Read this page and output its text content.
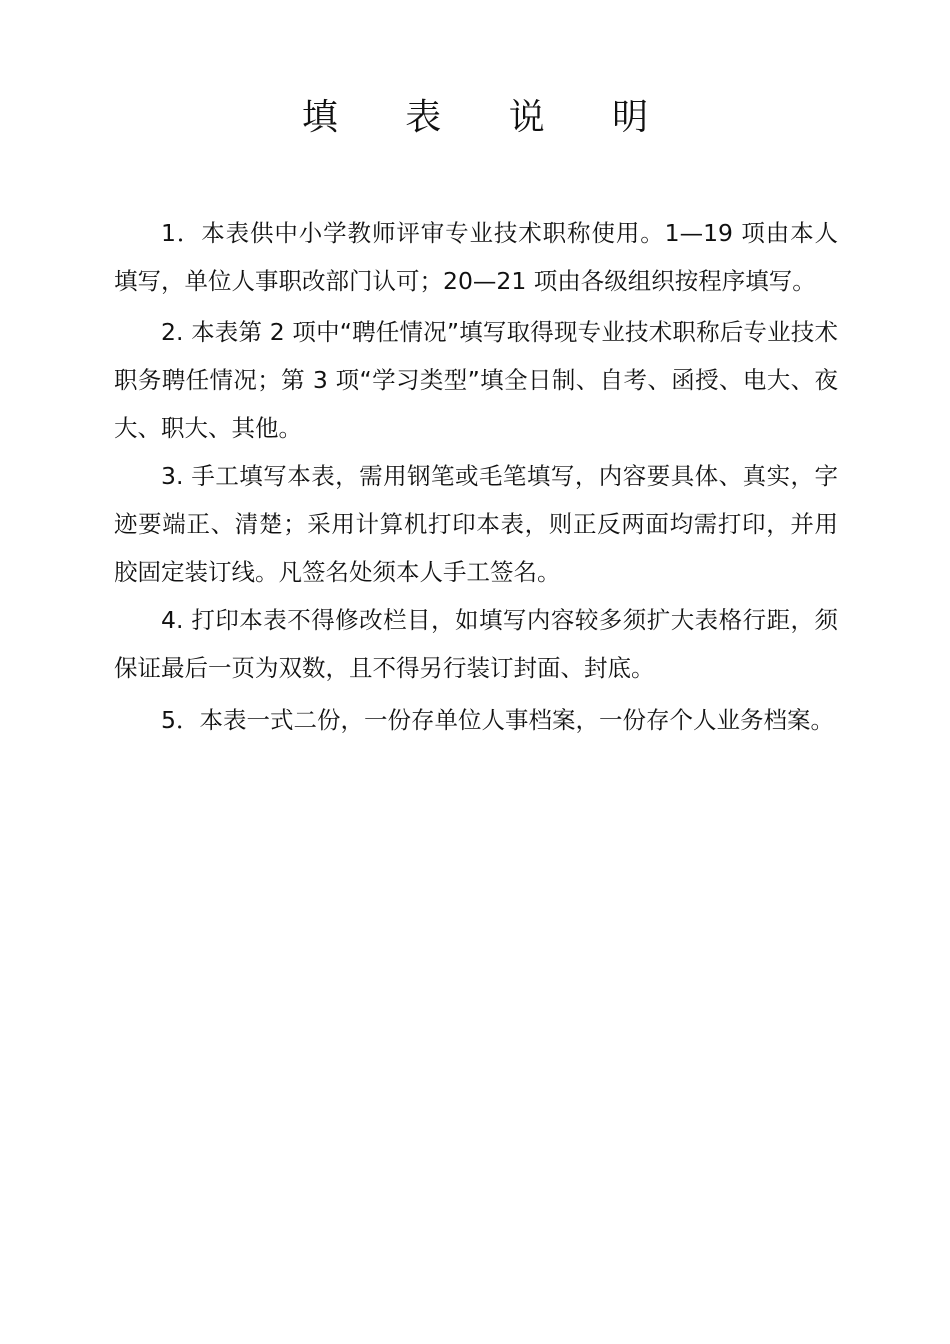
填 表 说 明

1．本表供中小学教师评审专业技术职称使用。1—19 项由本人填写，单位人事职改部门认可；20—21 项由各级组织按程序填写。

2. 本表第 2 项中“聘任情况”填写取得现专业技术职称后专业技术职务聘任情况；第 3 项“学习类型”填全日制、自考、函授、电大、夜大、职大、其他。

3. 手工填写本表，需用钢笔或毛笔填写，内容要具体、真实，字迹要端正、清楚；采用计算机打印本表，则正反两面均需打印，并用胶固定装订线。凡签名处须本人手工签名。

4. 打印本表不得修改栏目，如填写内容较多须扩大表格行距，须保证最后一页为双数，且不得另行装订封面、封底。

5．本表一式二份，一份存单位人事档案，一份存个人业务档案。
